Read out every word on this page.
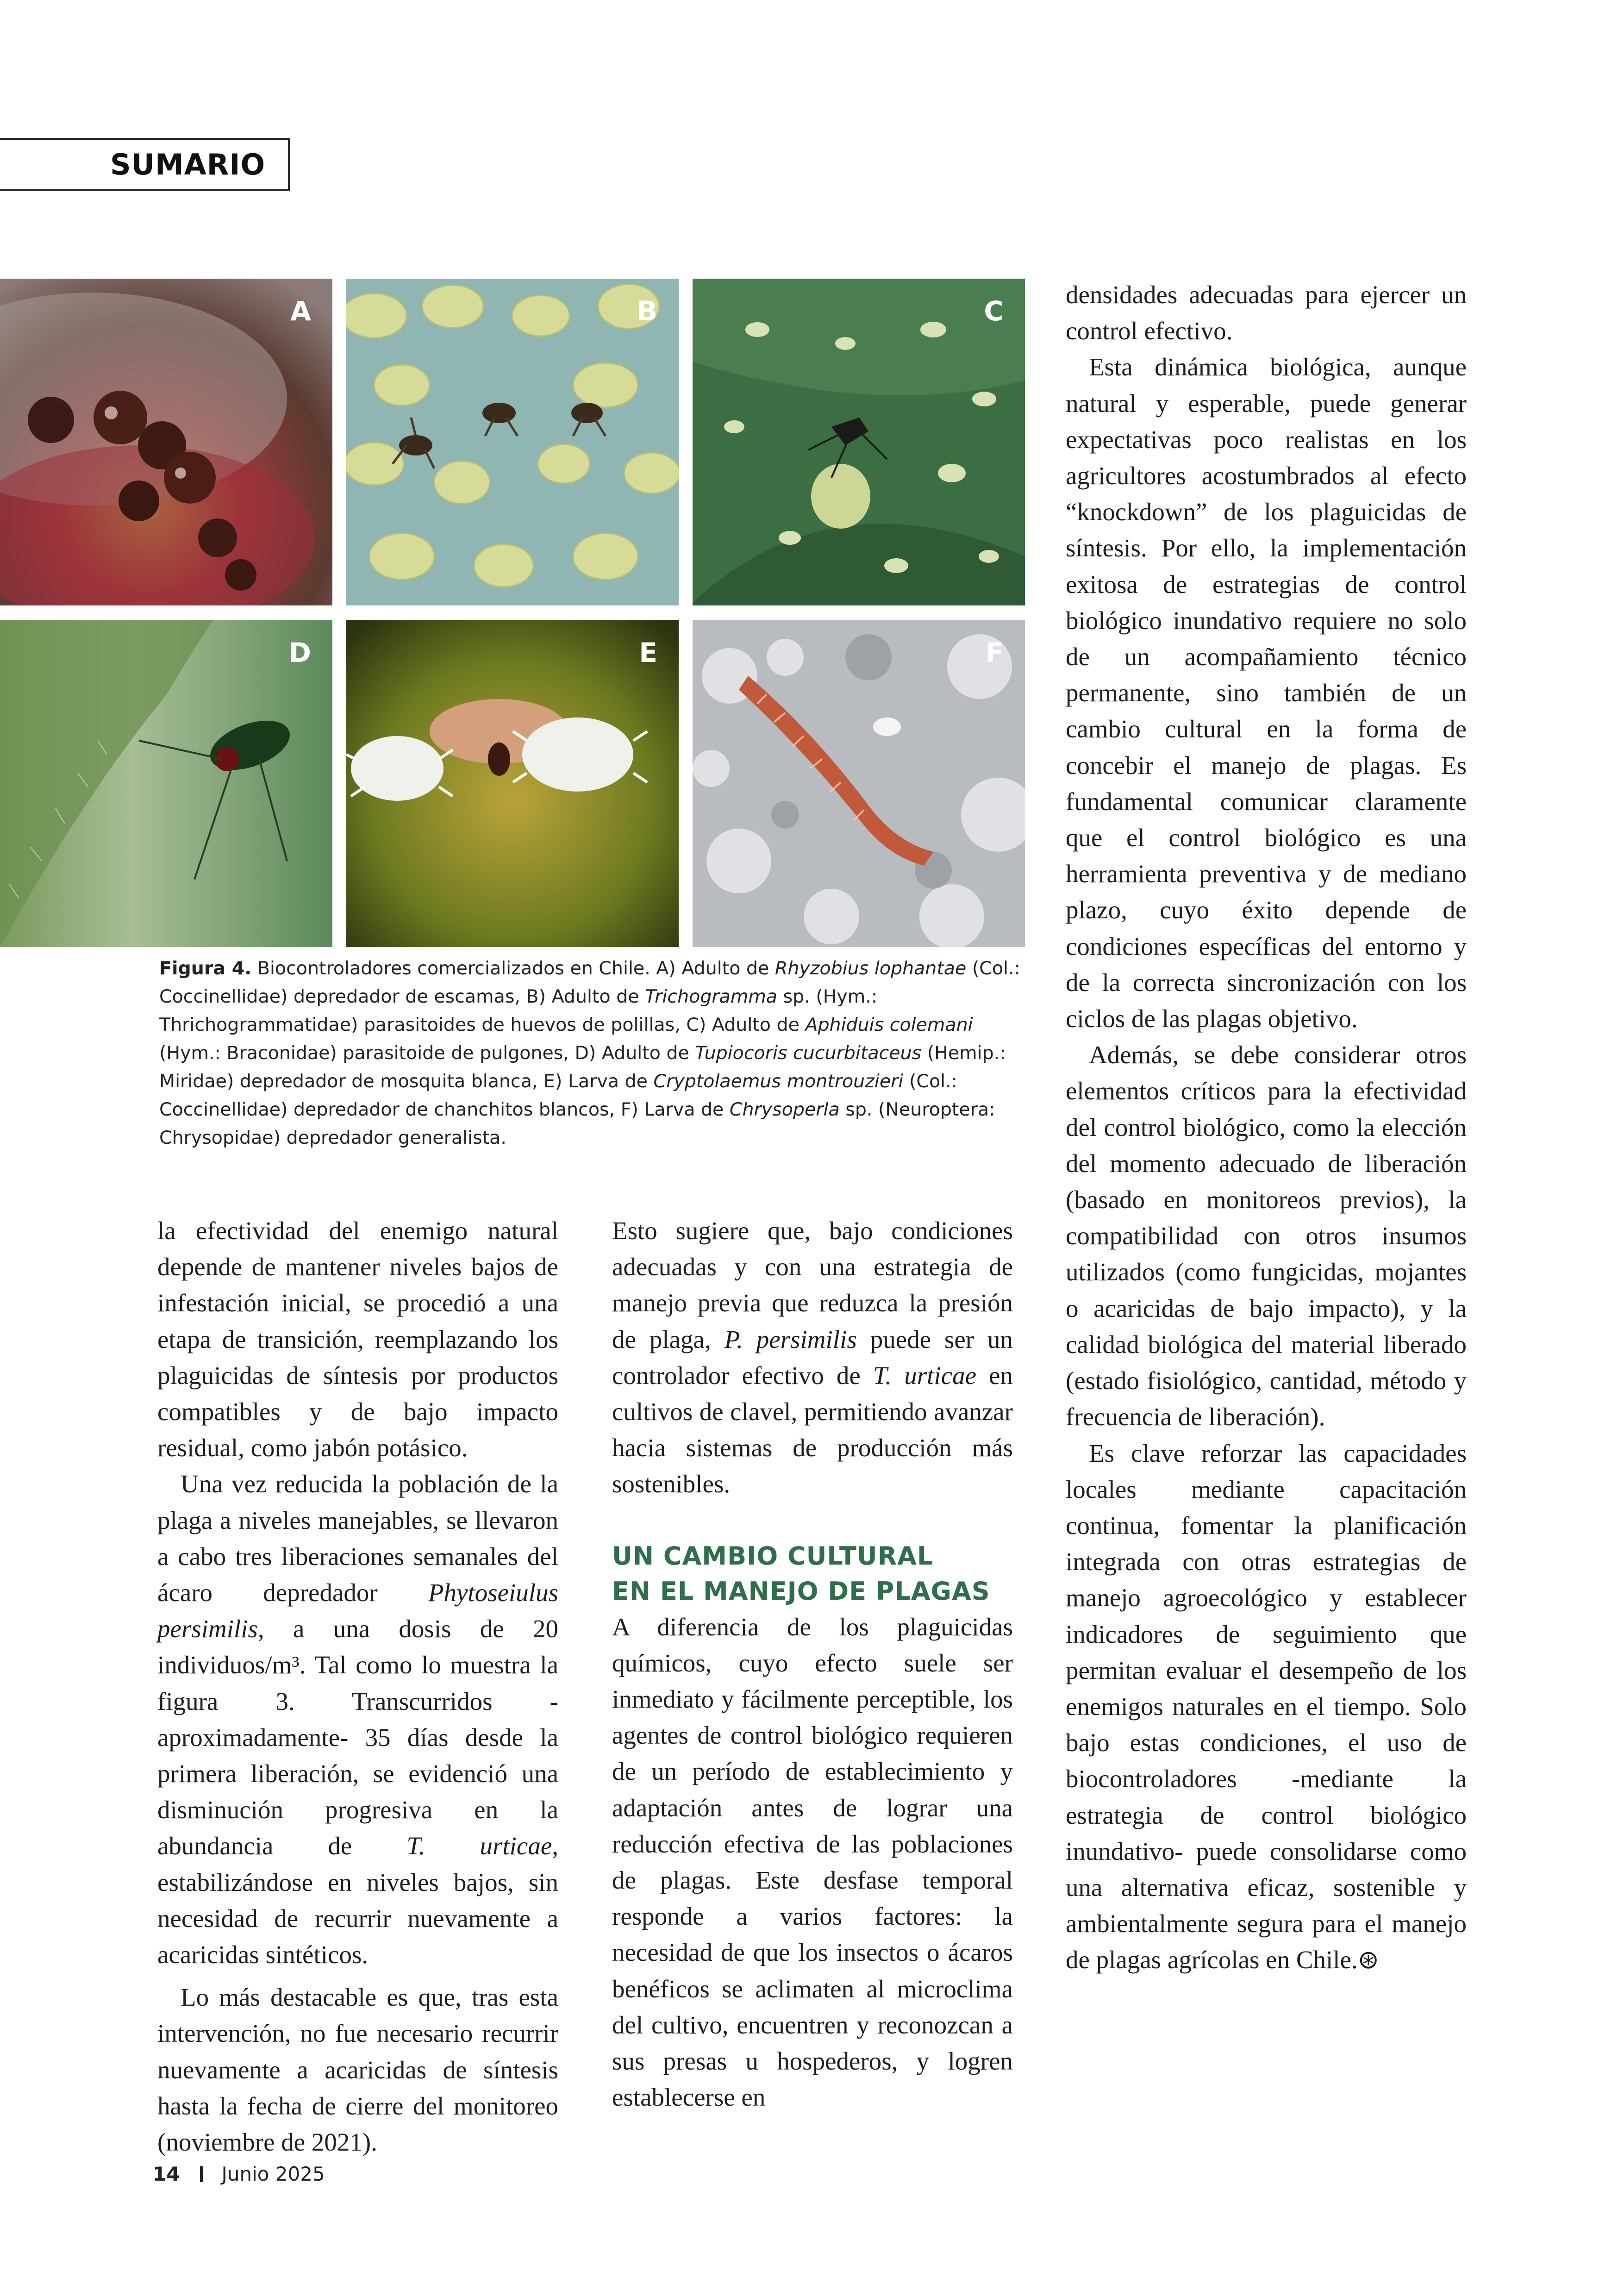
SUMARIO
A	B	C
D	E	F
Figura 4. Biocontroladores comercializados en Chile. A) Adulto de Rhyzobius lophantae (Col.: Coccinellidae) depredador de escamas, B) Adulto de Trichogramma sp. (Hym.: Thrichogrammatidae) parasitoides de huevos de polillas, C) Adulto de Aphiduis colemani (Hym.: Braconidae) parasitoide de pulgones, D) Adulto de Tupiocoris cucurbitaceus (Hemip.: Miridae) depredador de mosquita blanca, E) Larva de Cryptolaemus montrouzieri (Col.: Coccinellidae) depredador de chanchitos blancos, F) Larva de Chrysoperla sp. (Neuroptera: Chrysopidae) depredador generalista.

la efectividad del enemigo natural depende de mantener niveles bajos de infestación inicial, se procedió a una etapa de transición, reemplazando los plaguicidas de síntesis por productos compatibles y de bajo impacto residual, como jabón potásico.

Una vez reducida la población de la plaga a niveles manejables, se llevaron a cabo tres liberaciones semanales del ácaro depredador Phytoseiulus persimilis, a una dosis de 20 individuos/m³. Tal como lo muestra la figura 3. Transcurridos -aproximadamente- 35 días desde la primera liberación, se evidenció una disminución progresiva en la abundancia de T. urticae, estabilizándose en niveles bajos, sin necesidad de recurrir nuevamente a acaricidas sintéticos.

Lo más destacable es que, tras esta intervención, no fue necesario recurrir nuevamente a acaricidas de síntesis hasta la fecha de cierre del monitoreo (noviembre de 2021).

Esto sugiere que, bajo condiciones adecuadas y con una estrategia de manejo previa que reduzca la presión de plaga, P. persimilis puede ser un controlador efectivo de T. urticae en cultivos de clavel, permitiendo avanzar hacia sistemas de producción más sostenibles.

UN CAMBIO CULTURAL
EN EL MANEJO DE PLAGAS

A diferencia de los plaguicidas químicos, cuyo efecto suele ser inmediato y fácilmente perceptible, los agentes de control biológico requieren de un período de establecimiento y adaptación antes de lograr una reducción efectiva de las poblaciones de plagas. Este desfase temporal responde a varios factores: la necesidad de que los insectos o ácaros benéficos se aclimaten al microclima del cultivo, encuentren y reconozcan a sus presas u hospederos, y logren establecerse en

densidades adecuadas para ejercer un control efectivo.

Esta dinámica biológica, aunque natural y esperable, puede generar expectativas poco realistas en los agricultores acostumbrados al efecto “knockdown” de los plaguicidas de síntesis. Por ello, la implementación exitosa de estrategias de control biológico inundativo requiere no solo de un acompañamiento técnico permanente, sino también de un cambio cultural en la forma de concebir el manejo de plagas. Es fundamental comunicar claramente que el control biológico es una herramienta preventiva y de mediano plazo, cuyo éxito depende de condiciones específicas del entorno y de la correcta sincronización con los ciclos de las plagas objetivo.

Además, se debe considerar otros elementos críticos para la efectividad del control biológico, como la elección del momento adecuado de liberación (basado en monitoreos previos), la compatibilidad con otros insumos utilizados (como fungicidas, mojantes o acaricidas de bajo impacto), y la calidad biológica del material liberado (estado fisiológico, cantidad, método y frecuencia de liberación).

Es clave reforzar las capacidades locales mediante capacitación continua, fomentar la planificación integrada con otras estrategias de manejo agroecológico y establecer indicadores de seguimiento que permitan evaluar el desempeño de los enemigos naturales en el tiempo. Solo bajo estas condiciones, el uso de biocontroladores -mediante la estrategia de control biológico inundativo- puede consolidarse como una alternativa eficaz, sostenible y ambientalmente segura para el manejo de plagas agrícolas en Chile.⊛

14 Junio 2025
